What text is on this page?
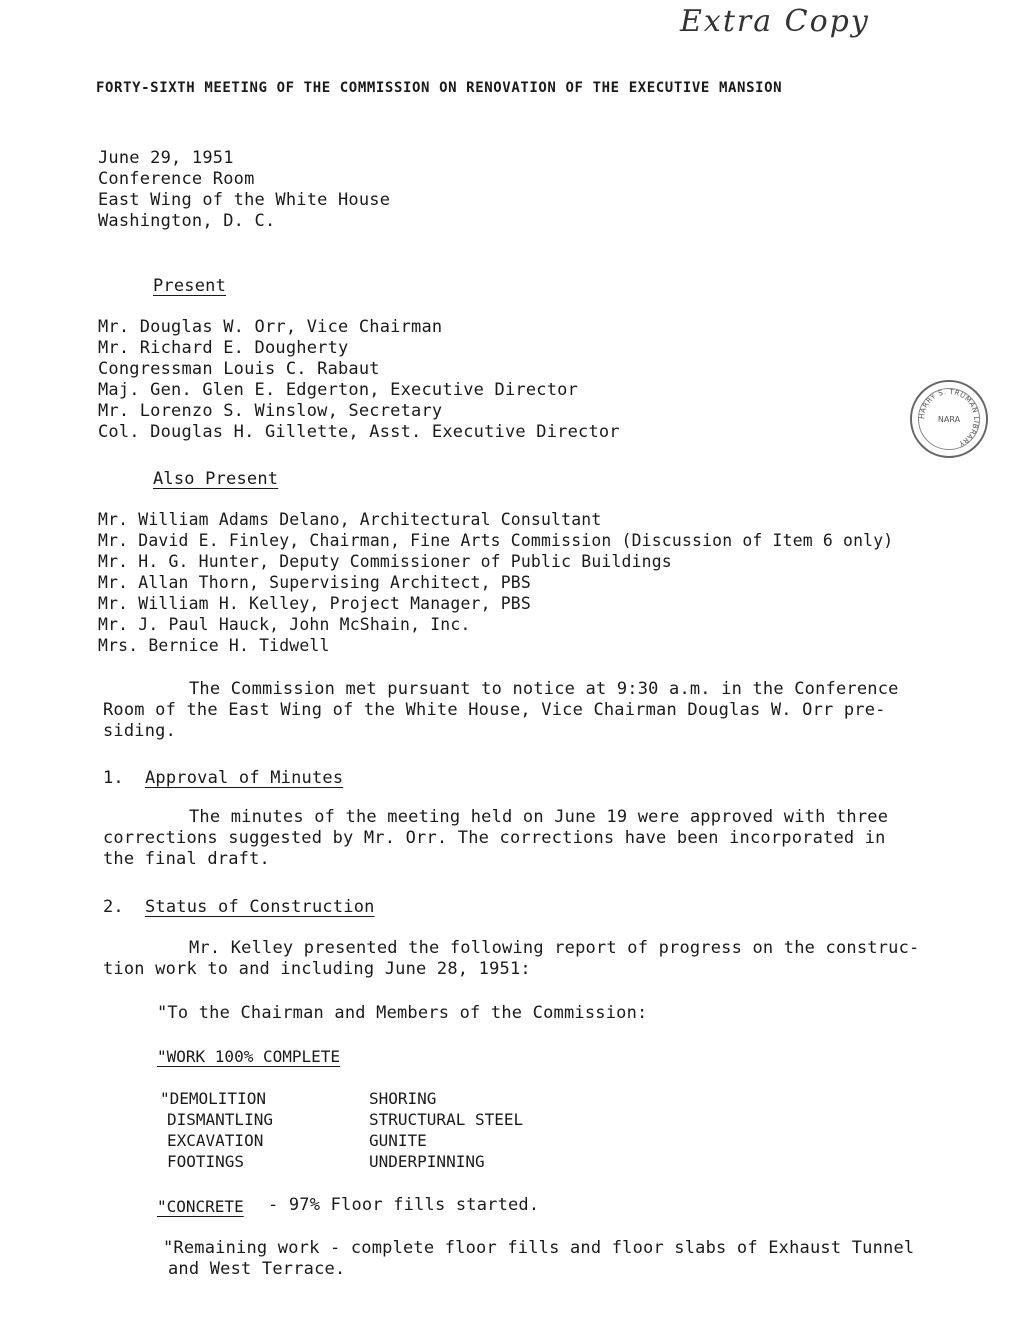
Extra Copy
FORTY-SIXTH MEETING OF THE COMMISSION ON RENOVATION OF THE EXECUTIVE MANSION
June 29, 1951
Conference Room
East Wing of the White House
Washington, D. C.
Present
Mr. Douglas W. Orr, Vice Chairman
Mr. Richard E. Dougherty
Congressman Louis C. Rabaut
Maj. Gen. Glen E. Edgerton, Executive Director
Mr. Lorenzo S. Winslow, Secretary
Col. Douglas H. Gillette, Asst. Executive Director
HARRY S. TRUMAN LIBRARY
NARA
Also Present
Mr. William Adams Delano, Architectural Consultant
Mr. David E. Finley, Chairman, Fine Arts Commission (Discussion of Item 6 only)
Mr. H. G. Hunter, Deputy Commissioner of Public Buildings
Mr. Allan Thorn, Supervising Architect, PBS
Mr. William H. Kelley, Project Manager, PBS
Mr. J. Paul Hauck, John McShain, Inc.
Mrs. Bernice H. Tidwell
The Commission met pursuant to notice at 9:30 a.m. in the Conference
Room of the East Wing of the White House, Vice Chairman Douglas W. Orr pre-
siding.
1. Approval of Minutes
The minutes of the meeting held on June 19 were approved with three
corrections suggested by Mr. Orr. The corrections have been incorporated in
the final draft.
2. Status of Construction
Mr. Kelley presented the following report of progress on the construc-
tion work to and including June 28, 1951:
"To the Chairman and Members of the Commission:
"WORK 100% COMPLETE
"DEMOLITION
DISMANTLING
EXCAVATION
FOOTINGS
SHORING
STRUCTURAL STEEL
GUNITE
UNDERPINNING
"CONCRETE - 97% Floor fills started.
"Remaining work - complete floor fills and floor slabs of Exhaust Tunnel
and West Terrace.
